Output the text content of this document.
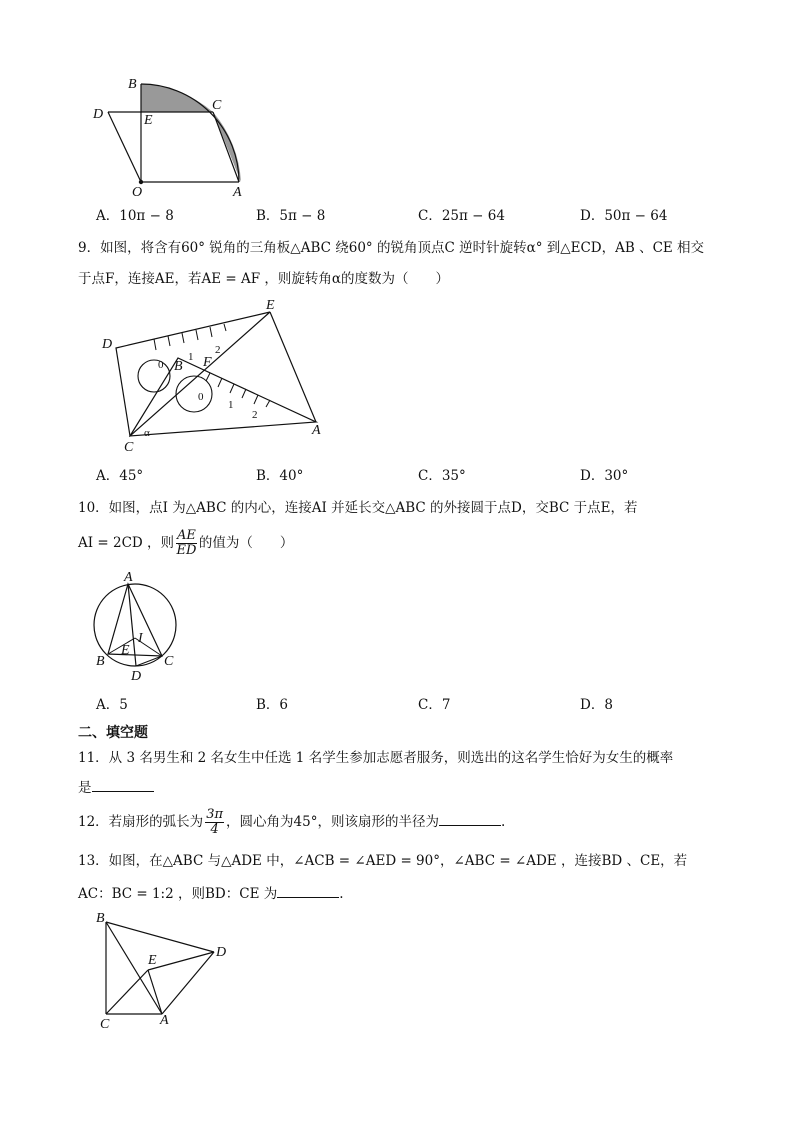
B
C
D	E
O	A
A．10π − 8	B．5π − 8	C．25π − 64	D．50π − 64
9．如图，将含有60° 锐角的三角板△ABC 绕60° 的锐角顶点C 逆时针旋转α° 到△ECD，AB 、CE 相交
于点F，连接AE，若AE = AF ，则旋转角α的度数为（　　）
0
1
2
0
1
2
α
D
E
B F
C
A
A．45°	B．40°	C．35°	D．30°
10．如图，点I 为△ABC 的内心，连接AI 并延长交△ABC 的外接圆于点D，交BC 于点E，若
AI = 2CD ，则 $\frac{AE}{ED}$ 的值为（　　）
A
I
E
B	C
D
A．5	B．6	C．7	D．8
二、填空题
11．从 3 名男生和 2 名女生中任选 1 名学生参加志愿者服务，则选出的这名学生恰好为女生的概率
是
12．若扇形的弧长为 $\frac{3\pi}{4}$ ，圆心角为45°，则该扇形的半径为	.
13．如图，在△ABC 与△ADE 中，∠ACB = ∠AED = 90°，∠ABC = ∠ADE ，连接BD 、CE，若
AC：BC = 1:2 ，则BD：CE 为	.
B
E
D
C	A
